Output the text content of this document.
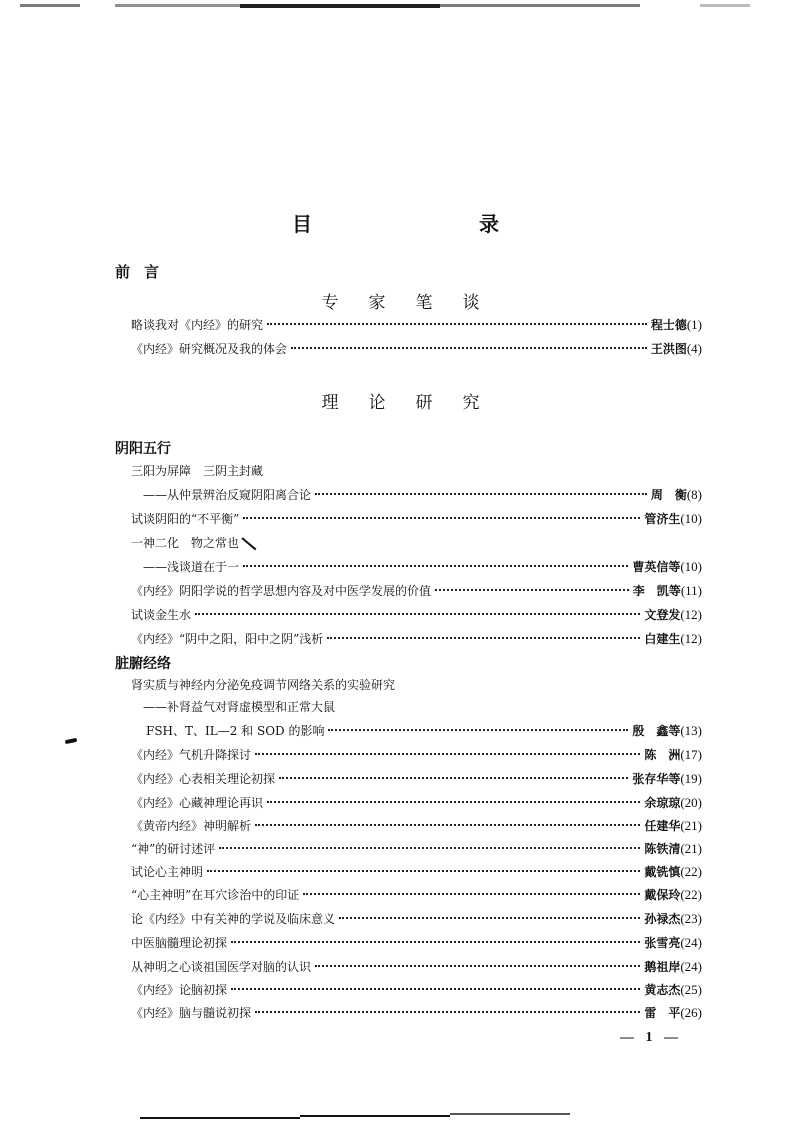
目 录
前言
专家笔谈
略谈我对《内经》的研究	程士德 (1)
《内经》研究概况及我的体会	王洪图 (4)
理论研究
阴阳五行
三阳为屏障　三阴主封藏
——从仲景辨治反窥阴阳离合论	周　衡 (8)
试谈阴阳的“不平衡”	管济生 (10)
一神二化　物之常也
——浅谈道在于一	曹英信等 (10)
《内经》阴阳学说的哲学思想内容及对中医学发展的价值	李　凯等 (11)
试谈金生水	文登发 (12)
《内经》“阴中之阳，阳中之阴”浅析	白建生 (12)
脏腑经络
肾实质与神经内分泌免疫调节网络关系的实验研究
——补肾益气对肾虚模型和正常大鼠
FSH、T、IL—2 和 SOD 的影响	殷　鑫等 (13)
《内经》气机升降探讨	陈　洲 (17)
《内经》心表相关理论初探	张存华等 (19)
《内经》心藏神理论再识	余琼琼 (20)
《黄帝内经》神明解析	任建华 (21)
“神”的研讨述评	陈铁清 (21)
试论心主神明	戴铣慎 (22)
“心主神明”在耳穴诊治中的印证	戴保玲 (22)
论《内经》中有关神的学说及临床意义	孙禄杰 (23)
中医脑髓理论初探	张雪亮 (24)
从神明之心谈祖国医学对脑的认识	鹅祖岸 (24)
《内经》论脑初探	黄志杰 (25)
《内经》脑与髓说初探	雷　平 (26)
— 1 —
